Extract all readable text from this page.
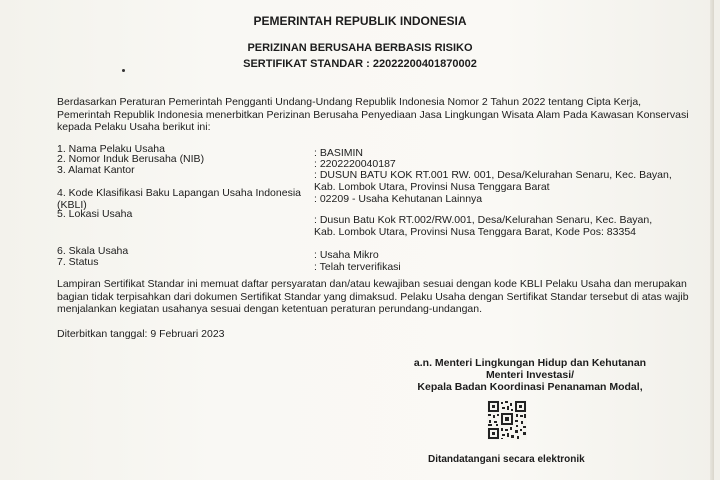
PEMERINTAH REPUBLIK INDONESIA
PERIZINAN BERUSAHA BERBASIS RISIKO
SERTIFIKAT STANDAR : 22022200401870002
Berdasarkan Peraturan Pemerintah Pengganti Undang-Undang Republik Indonesia Nomor 2 Tahun 2022 tentang Cipta Kerja, Pemerintah Republik Indonesia menerbitkan Perizinan Berusaha Penyediaan Jasa Lingkungan Wisata Alam Pada Kawasan Konservasi kepada Pelaku Usaha berikut ini:
1. Nama Pelaku Usaha	: BASIMIN
2. Nomor Induk Berusaha (NIB)	: 2202220040187
3. Alamat Kantor	: DUSUN BATU KOK RT.001 RW. 001, Desa/Kelurahan Senaru, Kec. Bayan, Kab. Lombok Utara, Provinsi Nusa Tenggara Barat
4. Kode Klasifikasi Baku Lapangan Usaha Indonesia (KBLI)	: 02209 - Usaha Kehutanan Lainnya
5. Lokasi Usaha	: Dusun Batu Kok RT.002/RW.001, Desa/Kelurahan Senaru, Kec. Bayan, Kab. Lombok Utara, Provinsi Nusa Tenggara Barat, Kode Pos: 83354
6. Skala Usaha	: Usaha Mikro
7. Status	: Telah terverifikasi
Lampiran Sertifikat Standar ini memuat daftar persyaratan dan/atau kewajiban sesuai dengan kode KBLI Pelaku Usaha dan merupakan bagian tidak terpisahkan dari dokumen Sertifikat Standar yang dimaksud. Pelaku Usaha dengan Sertifikat Standar tersebut di atas wajib menjalankan kegiatan usahanya sesuai dengan ketentuan peraturan perundang-undangan.
Diterbitkan tanggal: 9 Februari 2023
a.n. Menteri Lingkungan Hidup dan Kehutanan
Menteri Investasi/
Kepala Badan Koordinasi Penanaman Modal,
Ditandatangani secara elektronik
